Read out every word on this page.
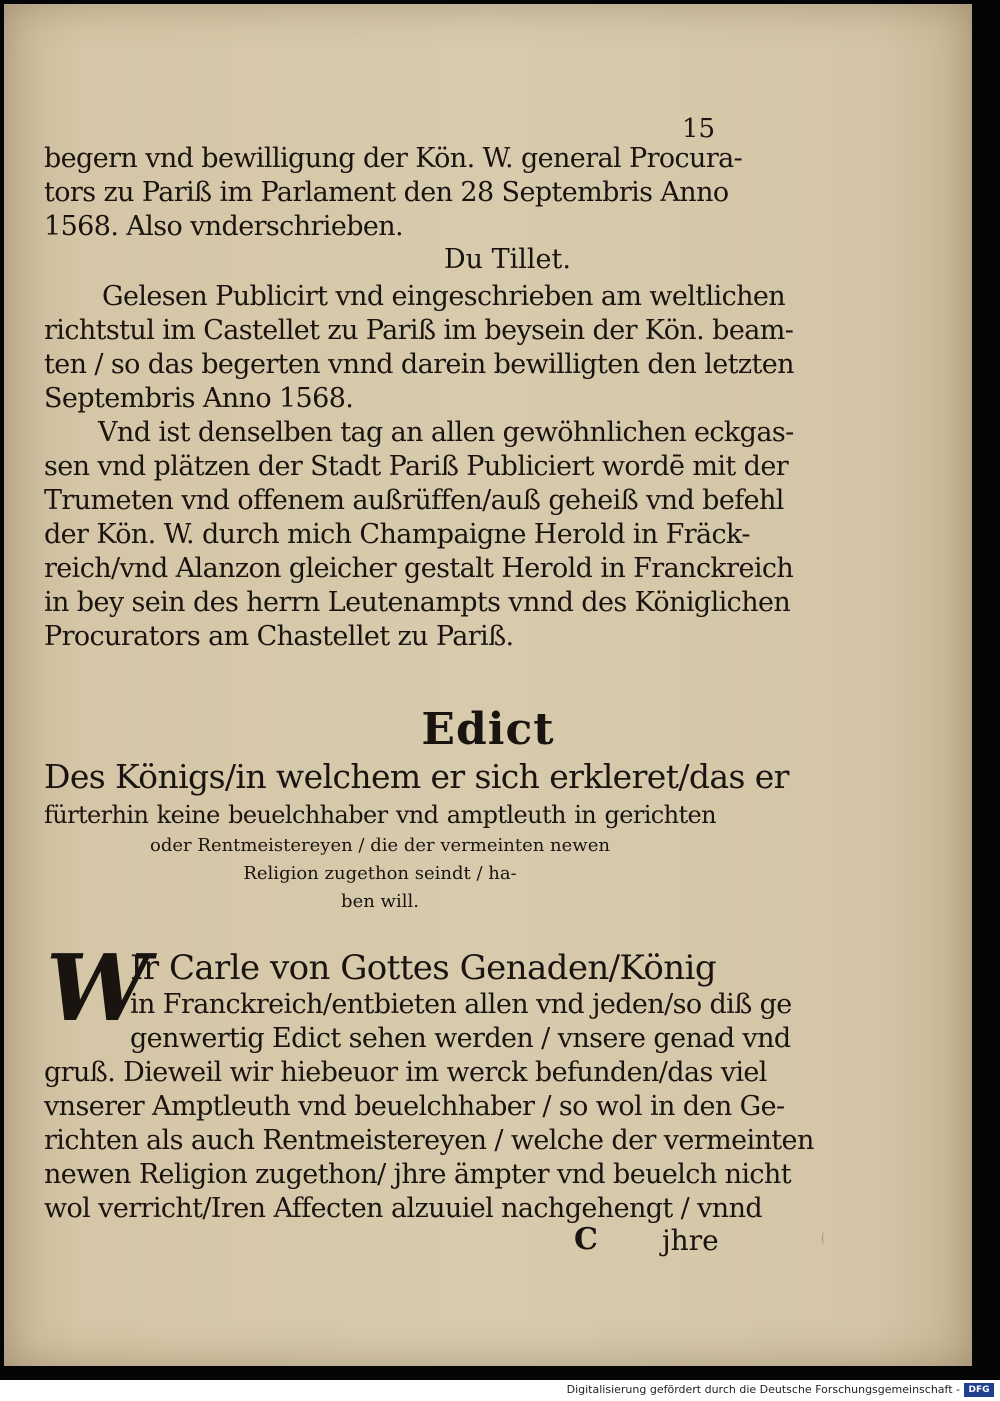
15
begern vnd bewilligung der Kön. W. general Procura-
tors zu Pariß im Parlament den 28 Septembris Anno
1568. Also vnderschrieben.
Du Tillet.
Gelesen Publicirt vnd eingeschrieben am weltlichen
richtstul im Castellet zu Pariß im beysein der Kön. beam-
ten / so das begerten vnnd darein bewilligten den letzten
Septembris Anno 1568.
Vnd ist denselben tag an allen gewöhnlichen eckgas-
sen vnd plätzen der Stadt Pariß Publiciert wordē mit der
Trumeten vnd offenem außrüffen/auß geheiß vnd befehl
der Kön. W. durch mich Champaigne Herold in Fräck-
reich/vnd Alanzon gleicher gestalt Herold in Franckreich
in bey sein des herrn Leutenampts vnnd des Königlichen
Procurators am Chastellet zu Pariß.
Edict
Des Königs/in welchem er sich erkleret/das er
fürterhin keine beuelchhaber vnd amptleuth in gerichten
oder Rentmeistereyen / die der vermeinten newen
Religion zugethon seindt / ha-
ben will.
W
Ir Carle von Gottes Genaden/König
in Franckreich/entbieten allen vnd jeden/so diß ge
genwertig Edict sehen werden / vnsere genad vnd
gruß. Dieweil wir hiebeuor im werck befunden/das viel
vnserer Amptleuth vnd beuelchhaber / so wol in den Ge-
richten als auch Rentmeistereyen / welche der vermeinten
newen Religion zugethon/ jhre ämpter vnd beuelch nicht
wol verricht/Iren Affecten alzuuiel nachgehengt / vnnd
C jhre
Digitalisierung gefördert durch die Deutsche Forschungsgemeinschaft - DFG
